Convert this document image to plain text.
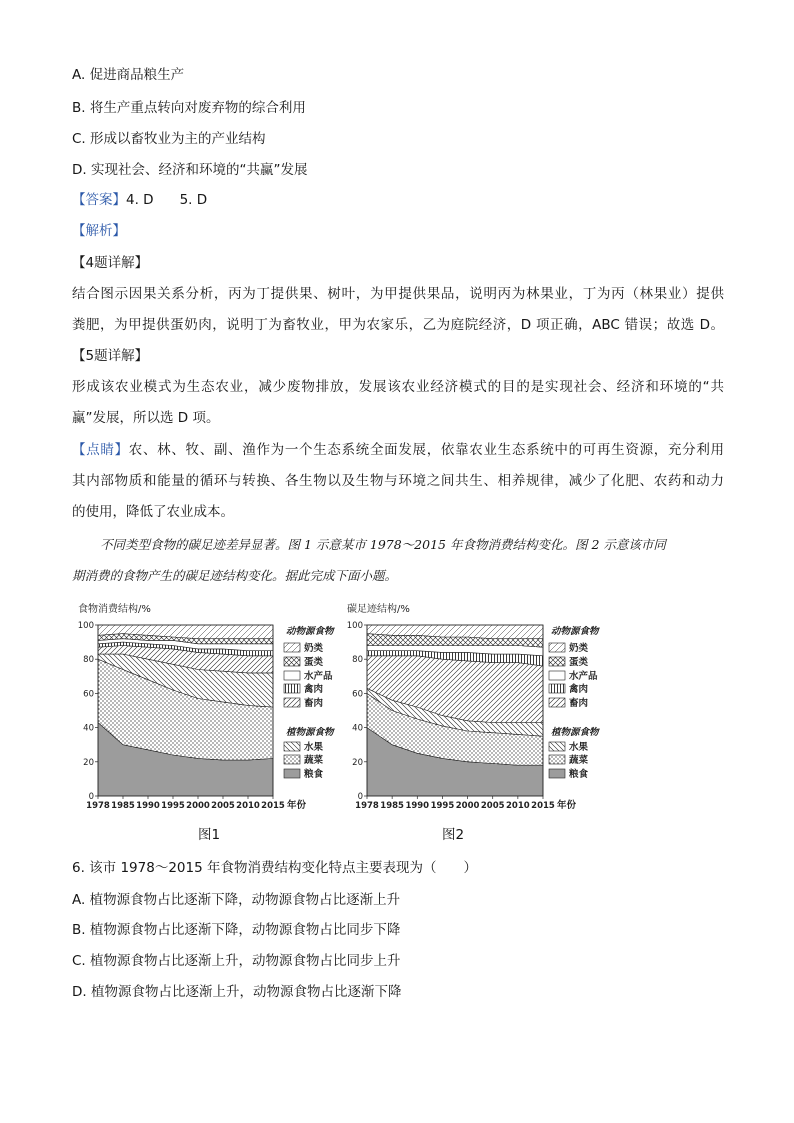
A. 促进商品粮生产
B. 将生产重点转向对废弃物的综合利用
C. 形成以畜牧业为主的产业结构
D. 实现社会、经济和环境的“共赢”发展
【答案】4. D 5. D
【解析】
【4题详解】
结合图示因果关系分析，丙为丁提供果、树叶，为甲提供果品，说明丙为林果业，丁为丙（林果业）提供
粪肥，为甲提供蛋奶肉，说明丁为畜牧业，甲为农家乐，乙为庭院经济，D 项正确，ABC 错误；故选 D。
【5题详解】
形成该农业模式为生态农业，减少废物排放，发展该农业经济模式的目的是实现社会、经济和环境的“共
赢”发展，所以选 D 项。
【点睛】农、林、牧、副、渔作为一个生态系统全面发展，依靠农业生态系统中的可再生资源，充分利用
其内部物质和能量的循环与转换、各生物以及生物与环境之间共生、相养规律，减少了化肥、农药和动力
的使用，降低了农业成本。
不同类型食物的碳足迹差异显著。图 1 示意某市 1978～2015 年食物消费结构变化。图 2 示意该市同
期消费的食物产生的碳足迹结构变化。据此完成下面小题。
食物消费结构/%
0
20
40
60
80
100
1978 1985 1990 1995 2000 2005 2010 2015 年份
动物源食物
奶类
蛋类
水产品
禽肉
畜肉
植物源食物
水果
蔬菜
粮食
碳足迹结构/%
0
20
40
60
80
100
1978 1985 1990 1995 2000 2005 2010 2015 年份
动物源食物
奶类
蛋类
水产品
禽肉
畜肉
植物源食物
水果
蔬菜
粮食
图1	图2
6. 该市 1978～2015 年食物消费结构变化特点主要表现为（　　）
A. 植物源食物占比逐渐下降，动物源食物占比逐渐上升
B. 植物源食物占比逐渐下降，动物源食物占比同步下降
C. 植物源食物占比逐渐上升，动物源食物占比同步上升
D. 植物源食物占比逐渐上升，动物源食物占比逐渐下降
